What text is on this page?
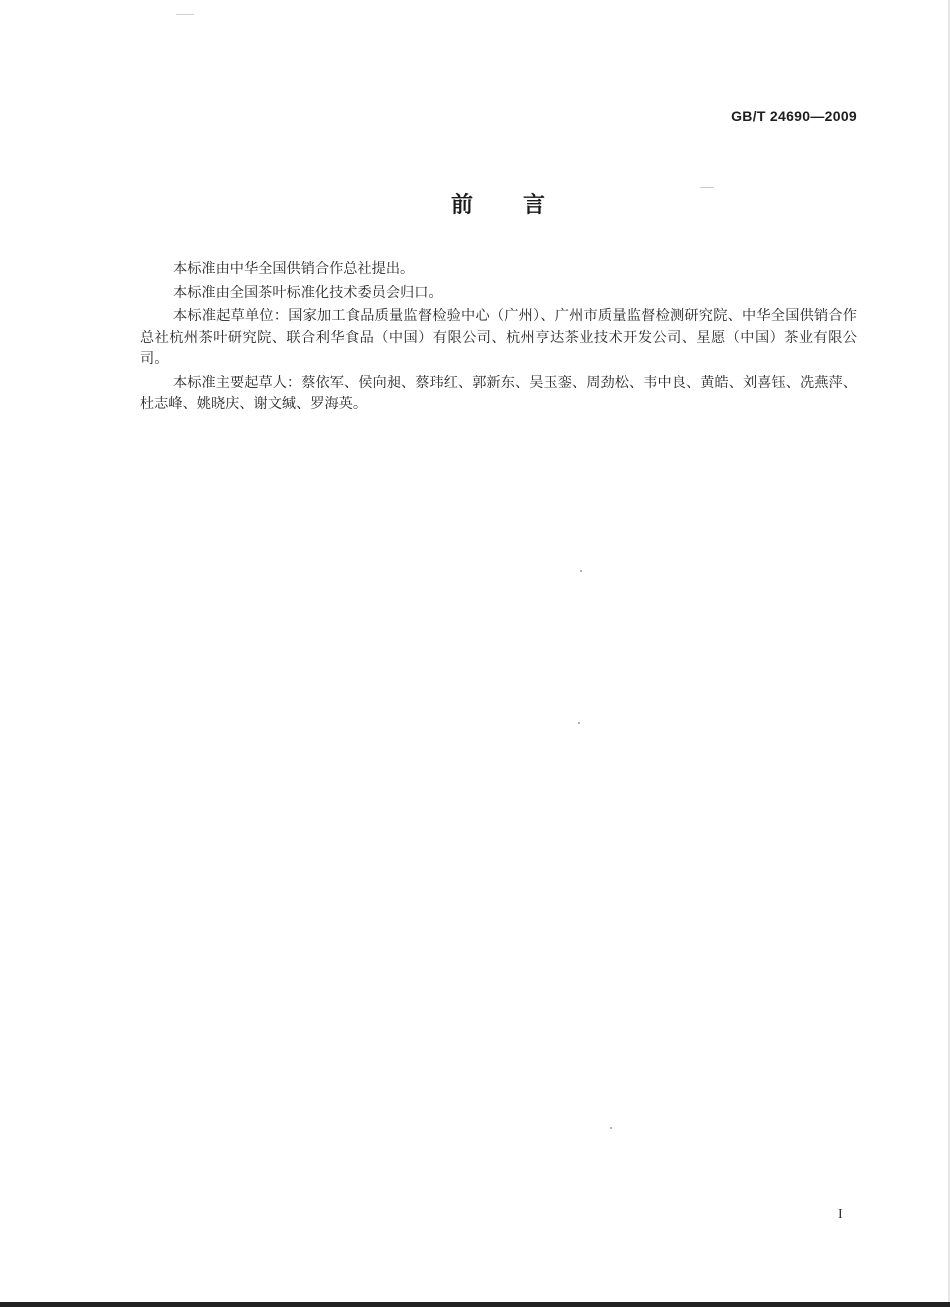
GB/T 24690—2009
前 言

本标准由中华全国供销合作总社提出。

本标准由全国茶叶标准化技术委员会归口。

本标准起草单位：国家加工食品质量监督检验中心（广州）、广州市质量监督检测研究院、中华全国供销合作总社杭州茶叶研究院、联合利华食品（中国）有限公司、杭州亨达茶业技术开发公司、星愿（中国）茶业有限公司。

本标准主要起草人：蔡依军、侯向昶、蔡玮红、郭新东、吴玉銮、周劲松、韦中良、黄皓、刘喜钰、冼燕萍、杜志峰、姚晓庆、谢文缄、罗海英。

I
